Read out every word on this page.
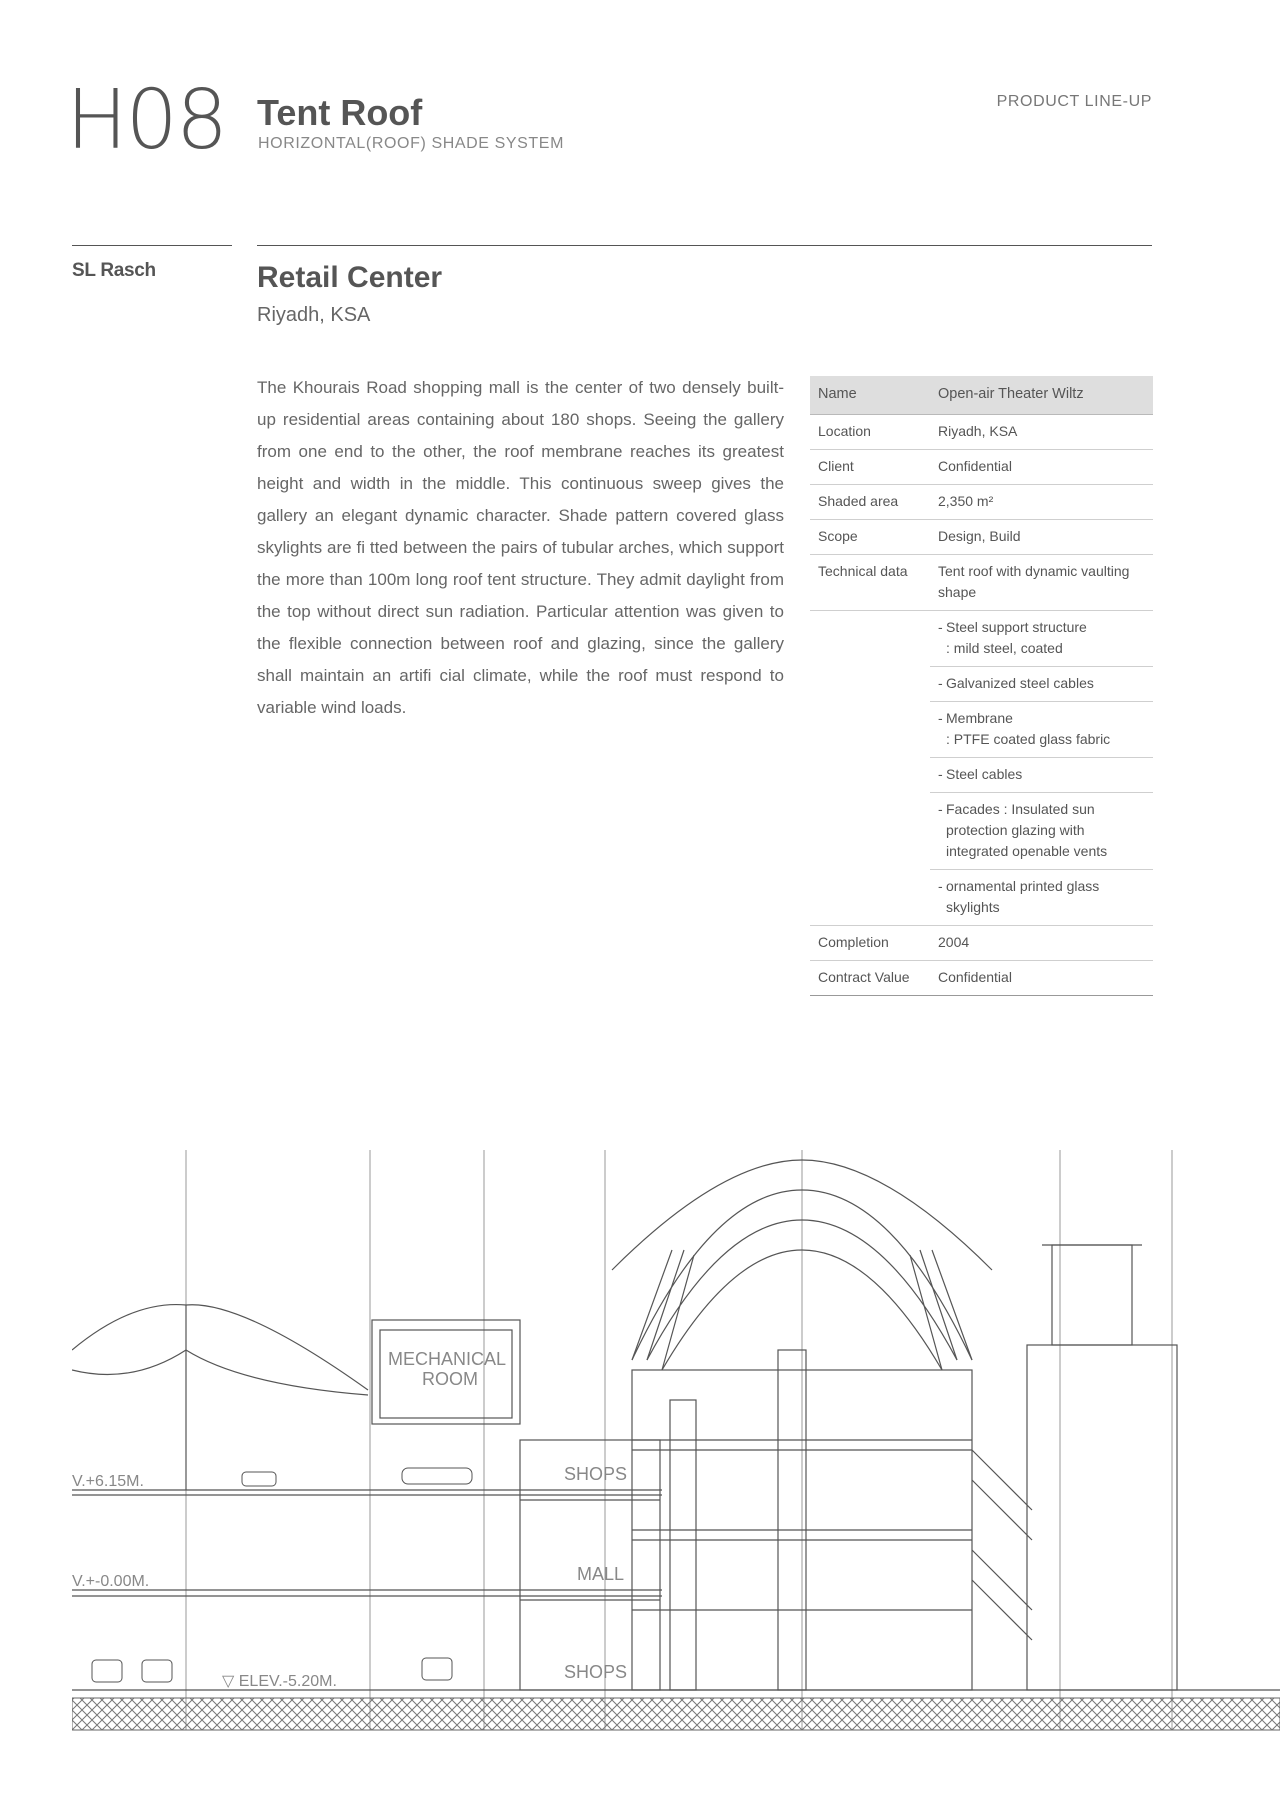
H08 Tent Roof
HORIZONTAL(ROOF) SHADE SYSTEM
PRODUCT LINE-UP
SL Rasch	Retail Center
Riyadh, KSA

The Khourais Road shopping mall is the center of two densely built-up residential areas containing about 180 shops. Seeing the gallery from one end to the other, the roof membrane reaches its greatest height and width in the middle. This continuous sweep gives the gallery an elegant dynamic character. Shade pattern covered glass skylights are fi tted between the pairs of tubular arches, which support the more than 100m long roof tent structure. They admit daylight from the top without direct sun radiation. Particular attention was given to the flexible connection between roof and glazing, since the gallery shall maintain an artifi cial climate, while the roof must respond to variable wind loads.

Name	Open-air Theater Wiltz
Location	Riyadh, KSA
Client	Confidential
Shaded area	2,350 m²
Scope	Design, Build
Technical data	Tent roof with dynamic vaulting shape
	- Steel support structure
: mild steel, coated

	- Galvanized steel cables
	- Membrane
: PTFE coated glass fabric

	- Steel cables
	- Facades : Insulated sun
protection glazing with integrated openable vents

	- ornamental printed glass
skylights

Completion	2004
Contract Value	Confidential
MECHANICAL
ROOM
SHOPS
MALL
SHOPS
V.+6.15M.
V.+-0.00M.
▽ ELEV.-5.20M.
